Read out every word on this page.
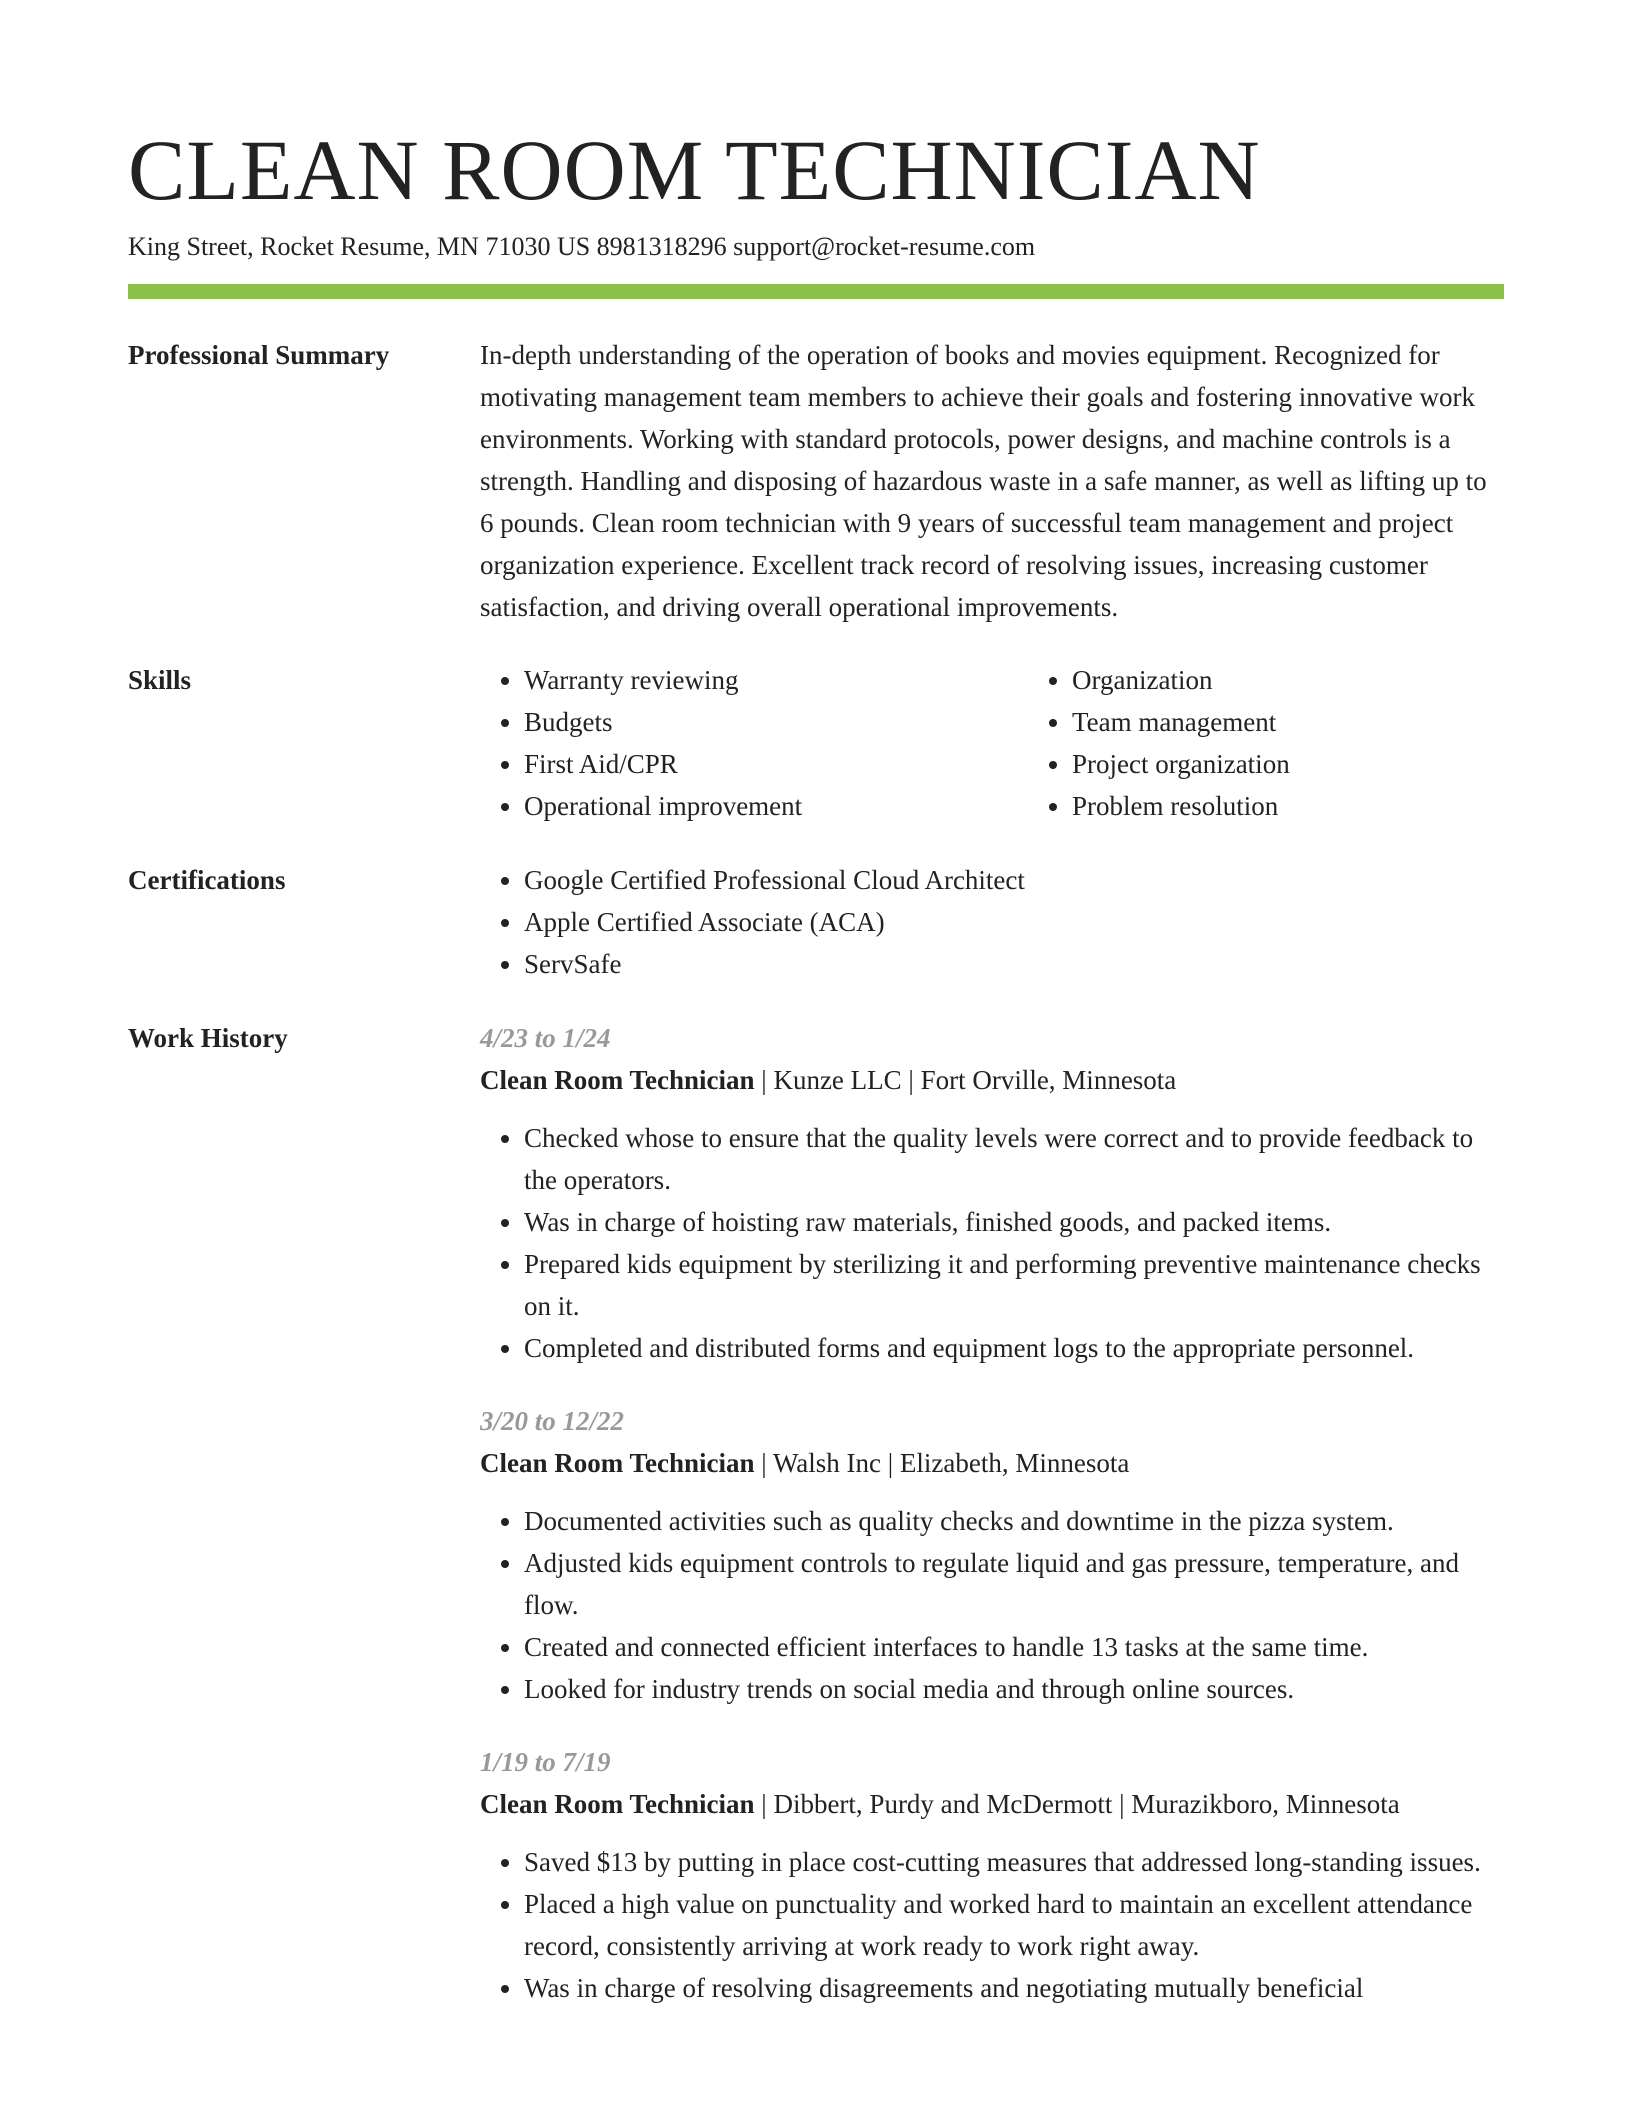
CLEAN ROOM TECHNICIAN
King Street, Rocket Resume, MN 71030 US 8981318296 support@rocket-resume.com
Professional Summary	In-depth understanding of the operation of books and movies equipment. Recognized for motivating management team members to achieve their goals and fostering innovative work environments. Working with standard protocols, power designs, and machine controls is a strength. Handling and disposing of hazardous waste in a safe manner, as well as lifting up to 6 pounds. Clean room technician with 9 years of successful team management and project organization experience. Excellent track record of resolving issues, increasing customer satisfaction, and driving overall operational improvements.
Skills	• Warranty reviewing
• Budgets
• First Aid/CPR
• Operational improvement
• Organization
• Team management
• Project organization
• Problem resolution
Certifications	• Google Certified Professional Cloud Architect
• Apple Certified Associate (ACA)
• ServSafe
Work History	4/23 to 1/24
Clean Room Technician | Kunze LLC | Fort Orville, Minnesota
• Checked whose to ensure that the quality levels were correct and to provide feedback to the operators.
• Was in charge of hoisting raw materials, finished goods, and packed items.
• Prepared kids equipment by sterilizing it and performing preventive maintenance checks on it.
• Completed and distributed forms and equipment logs to the appropriate personnel.
3/20 to 12/22
Clean Room Technician | Walsh Inc | Elizabeth, Minnesota
• Documented activities such as quality checks and downtime in the pizza system.
• Adjusted kids equipment controls to regulate liquid and gas pressure, temperature, and flow.
• Created and connected efficient interfaces to handle 13 tasks at the same time.
• Looked for industry trends on social media and through online sources.
1/19 to 7/19
Clean Room Technician | Dibbert, Purdy and McDermott | Murazikboro, Minnesota
• Saved $13 by putting in place cost-cutting measures that addressed long-standing issues.
• Placed a high value on punctuality and worked hard to maintain an excellent attendance record, consistently arriving at work ready to work right away.
• Was in charge of resolving disagreements and negotiating mutually beneficial
